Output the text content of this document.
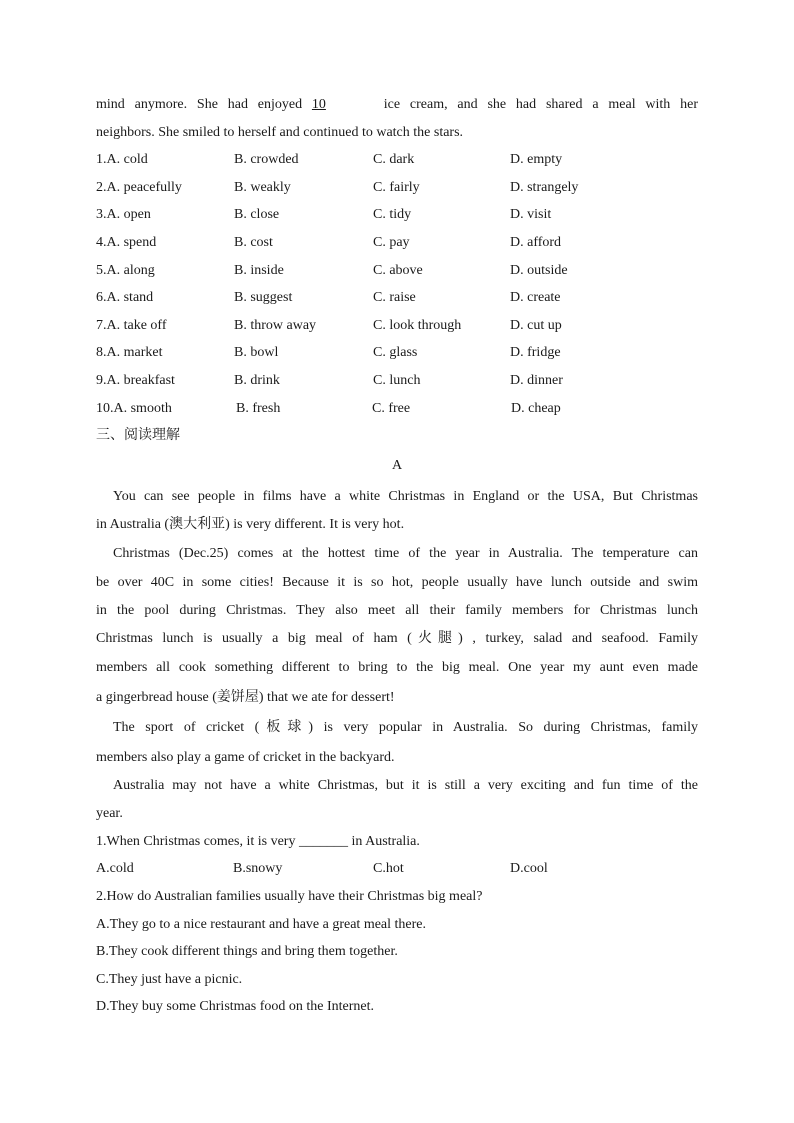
mind anymore. She had enjoyed 10	ice cream, and she had shared a meal with her
neighbors. She smiled to herself and continued to watch the stars.
1.A. cold	B. crowded	C. dark	D. empty
2.A. peacefully	B. weakly	C. fairly	D. strangely
3.A. open	B. close	C. tidy	D. visit
4.A. spend	B. cost	C. pay	D. afford
5.A. along	B. inside	C. above	D. outside
6.A. stand	B. suggest	C. raise	D. create
7.A. take off	B. throw away	C. look through	D. cut up
8.A. market	B. bowl	C. glass	D. fridge
9.A. breakfast	B. drink	C. lunch	D. dinner
10.A. smooth	B. fresh	C. free	D. cheap
三、阅读理解
A
You can see people in films have a white Christmas in England or the USA, But Christmas
in Australia (澳大利亚) is very different. It is very hot.
Christmas (Dec.25) comes at the hottest time of the year in Australia. The temperature can
be over 40C in some cities! Because it is so hot, people usually have lunch outside and swim
in the pool during Christmas. They also meet all their family members for Christmas lunch
Christmas lunch is usually a big meal of ham (火腿) , turkey, salad and seafood. Family
members all cook something different to bring to the big meal. One year my aunt even made
a gingerbread house (姜饼屋) that we ate for dessert!
The sport of cricket (板球) is very popular in Australia. So during Christmas, family
members also play a game of cricket in the backyard.
Australia may not have a white Christmas, but it is still a very exciting and fun time of the
year.
1.When Christmas comes, it is very _______ in Australia.
A.cold	B.snowy	C.hot	D.cool
2.How do Australian families usually have their Christmas big meal?
A.They go to a nice restaurant and have a great meal there.
B.They cook different things and bring them together.
C.They just have a picnic.
D.They buy some Christmas food on the Internet.
